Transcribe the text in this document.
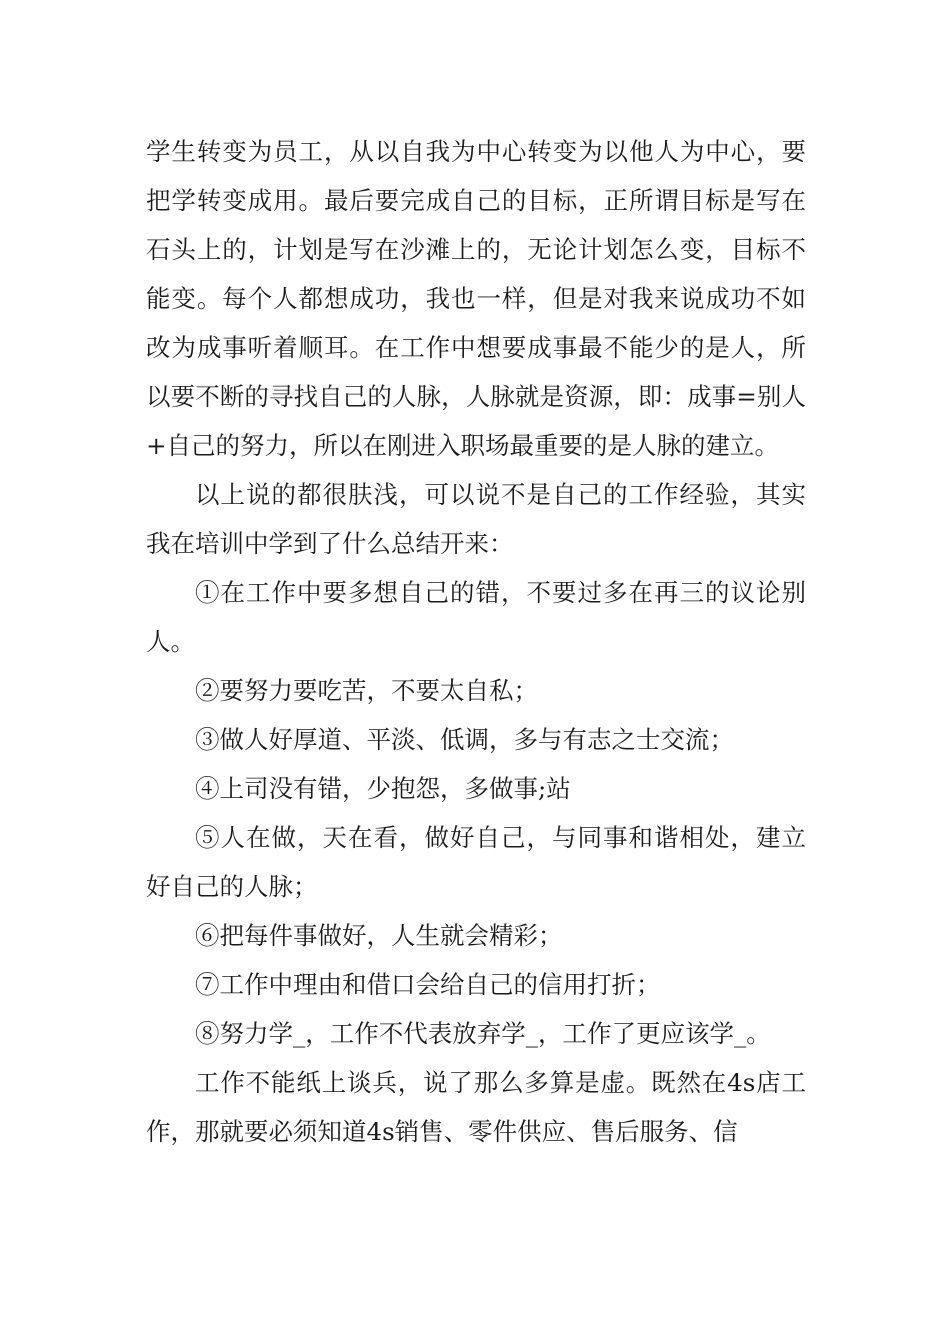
学生转变为员工，从以自我为中心转变为以他人为中心，要把学转变成用。最后要完成自己的目标，正所谓目标是写在石头上的，计划是写在沙滩上的，无论计划怎么变，目标不能变。每个人都想成功，我也一样，但是对我来说成功不如改为成事听着顺耳。在工作中想要成事最不能少的是人，所以要不断的寻找自己的人脉，人脉就是资源，即：成事=别人+自己的努力，所以在刚进入职场最重要的是人脉的建立。

以上说的都很肤浅，可以说不是自己的工作经验，其实我在培训中学到了什么总结开来：

①在工作中要多想自己的错，不要过多在再三的议论别人。

②要努力要吃苦，不要太自私；

③做人好厚道、平淡、低调，多与有志之士交流；

④上司没有错，少抱怨，多做事;站

⑤人在做，天在看，做好自己，与同事和谐相处，建立好自己的人脉；

⑥把每件事做好，人生就会精彩；

⑦工作中理由和借口会给自己的信用打折；

⑧努力学_，工作不代表放弃学_，工作了更应该学_。

工作不能纸上谈兵，说了那么多算是虚。既然在4s店工作，那就要必须知道4s销售、零件供应、售后服务、信
